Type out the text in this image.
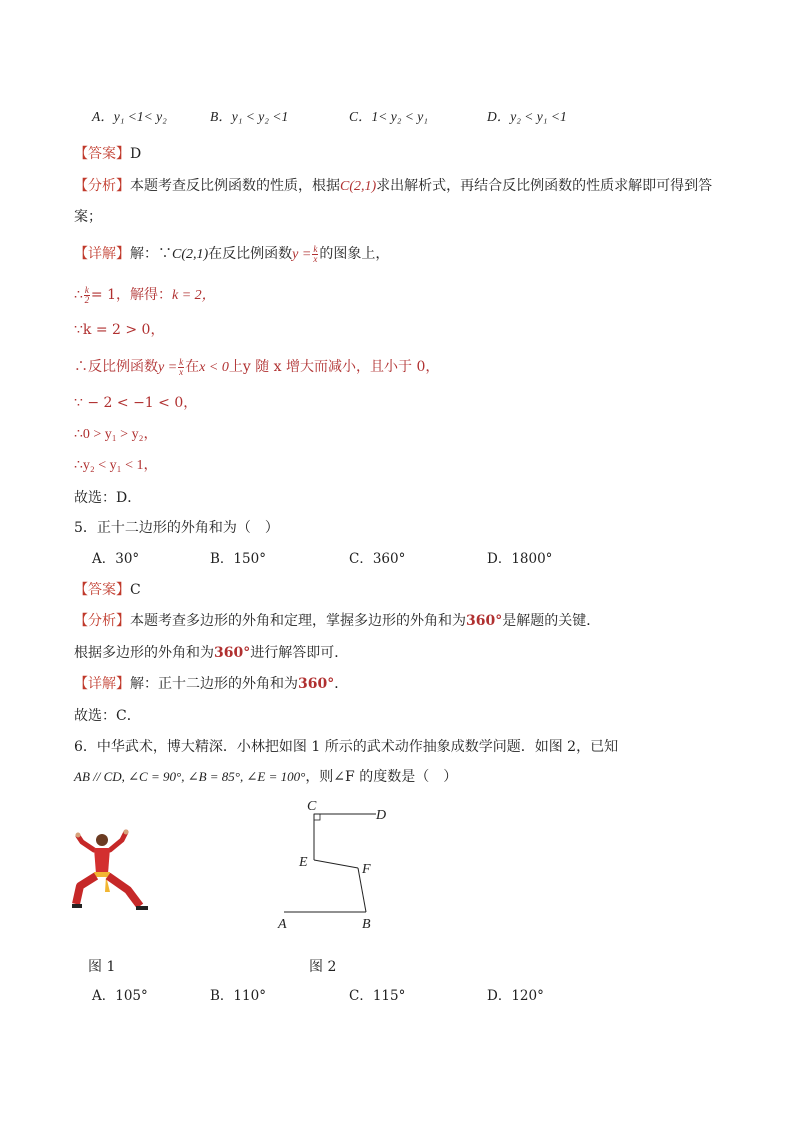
A．y₁ <1< y₂	B．y₁ < y₂ <1	C．1< y₂ < y₁	D．y₂ < y₁ <1
【答案】D
【分析】本题考查反比例函数的性质，根据C(2,1)求出解析式，再结合反比例函数的性质求解即可得到答
案；
【详解】解：∵C(2,1)在反比例函数$y = \frac{k}{x}$ 的图象上，
∴ $\frac{k}{2} = 1$，解得：k = 2，
∵k = 2 > 0，
∴反比例函数$y = \frac{k}{x}$ 在x < 0上y 随 x 增大而减小，且小于 0，
∵ − 2 < −1 < 0，
∴0 > y₁ > y₂，
∴y₂ < y₁ < 1，
故选：D．
5．正十二边形的外角和为（　）
A．30°	B．150°	C．360°	D．1800°
【答案】C
【分析】本题考查多边形的外角和定理，掌握多边形的外角和为360°是解题的关键．
根据多边形的外角和为360°进行解答即可．
【详解】解：正十二边形的外角和为360°．
故选：C．
6．中华武术，博大精深．小林把如图 1 所示的武术动作抽象成数学问题．如图 2，已知
AB // CD, ∠C = 90°, ∠B = 85°, ∠E = 100°，则∠F 的度数是（　）
C
D
E	F
A	B
图 1	图 2
A．105°	B．110°	C．115°	D．120°
